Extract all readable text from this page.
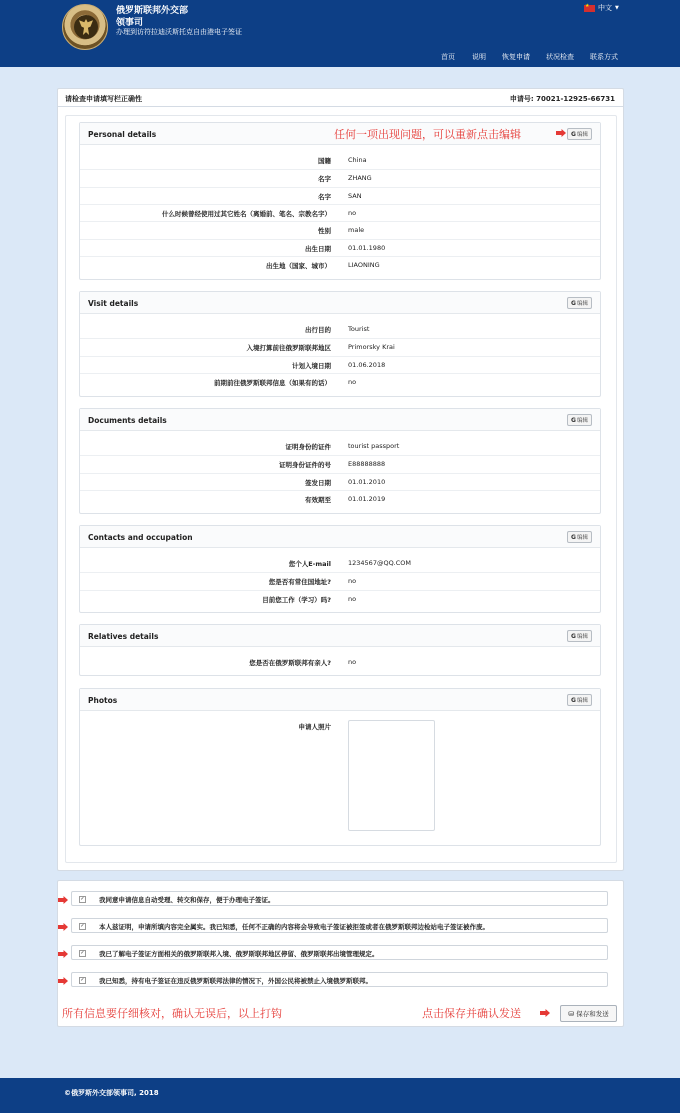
俄罗斯联邦外交部
领事司
办理到访符拉迪沃斯托克自由港电子签证
★
中文 ▼
首页 说明 恢复申请 状况检查 联系方式
请检查申请填写栏正确性	申请号: 70021-12925-66731
Personal details	G 编辑
国籍	China
名字	ZHANG
名字	SAN
什么时候曾经使用过其它姓名（离婚前、笔名、宗教名字）	no
性别	male
出生日期	01.01.1980
出生地（国家、城市）	LIAONING
任何一项出现问题，可以重新点击编辑
Visit details	G 编辑
出行目的	Tourist
入境打算前往俄罗斯联邦地区	Primorsky Krai
计划入境日期	01.06.2018
前期前往俄罗斯联邦信息（如果有的话）	no
Documents details	G 编辑
证明身份的证件	tourist passport
证明身份证件的号	E88888888
签发日期	01.01.2010
有效期至	01.01.2019
Contacts and occupation	G 编辑
您个人E-mail	1234567@QQ.COM
您是否有常住国地址?	no
目前您工作（学习）吗?	no
Relatives details	G 编辑
您是否在俄罗斯联邦有亲人?	no
Photos	G 编辑
申请人照片
✓ 我同意申请信息自动受理、转交和保存，便于办理电子签证。
✓ 本人兹证明，申请所填内容完全属实。我已知悉，任何不正确的内容将会导致电子签证被拒签或者在俄罗斯联邦边检站电子签证被作废。
✓ 我已了解电子签证方面相关的俄罗斯联邦入境、俄罗斯联邦地区停留、俄罗斯联邦出境管理规定。
✓ 我已知悉，持有电子签证在违反俄罗斯联邦法律的情况下，外国公民将被禁止入境俄罗斯联邦。
所有信息要仔细核对，确认无误后，以上打钩	点击保存并确认发送	⛁ 保存和发送
©俄罗斯外交部领事司, 2018
